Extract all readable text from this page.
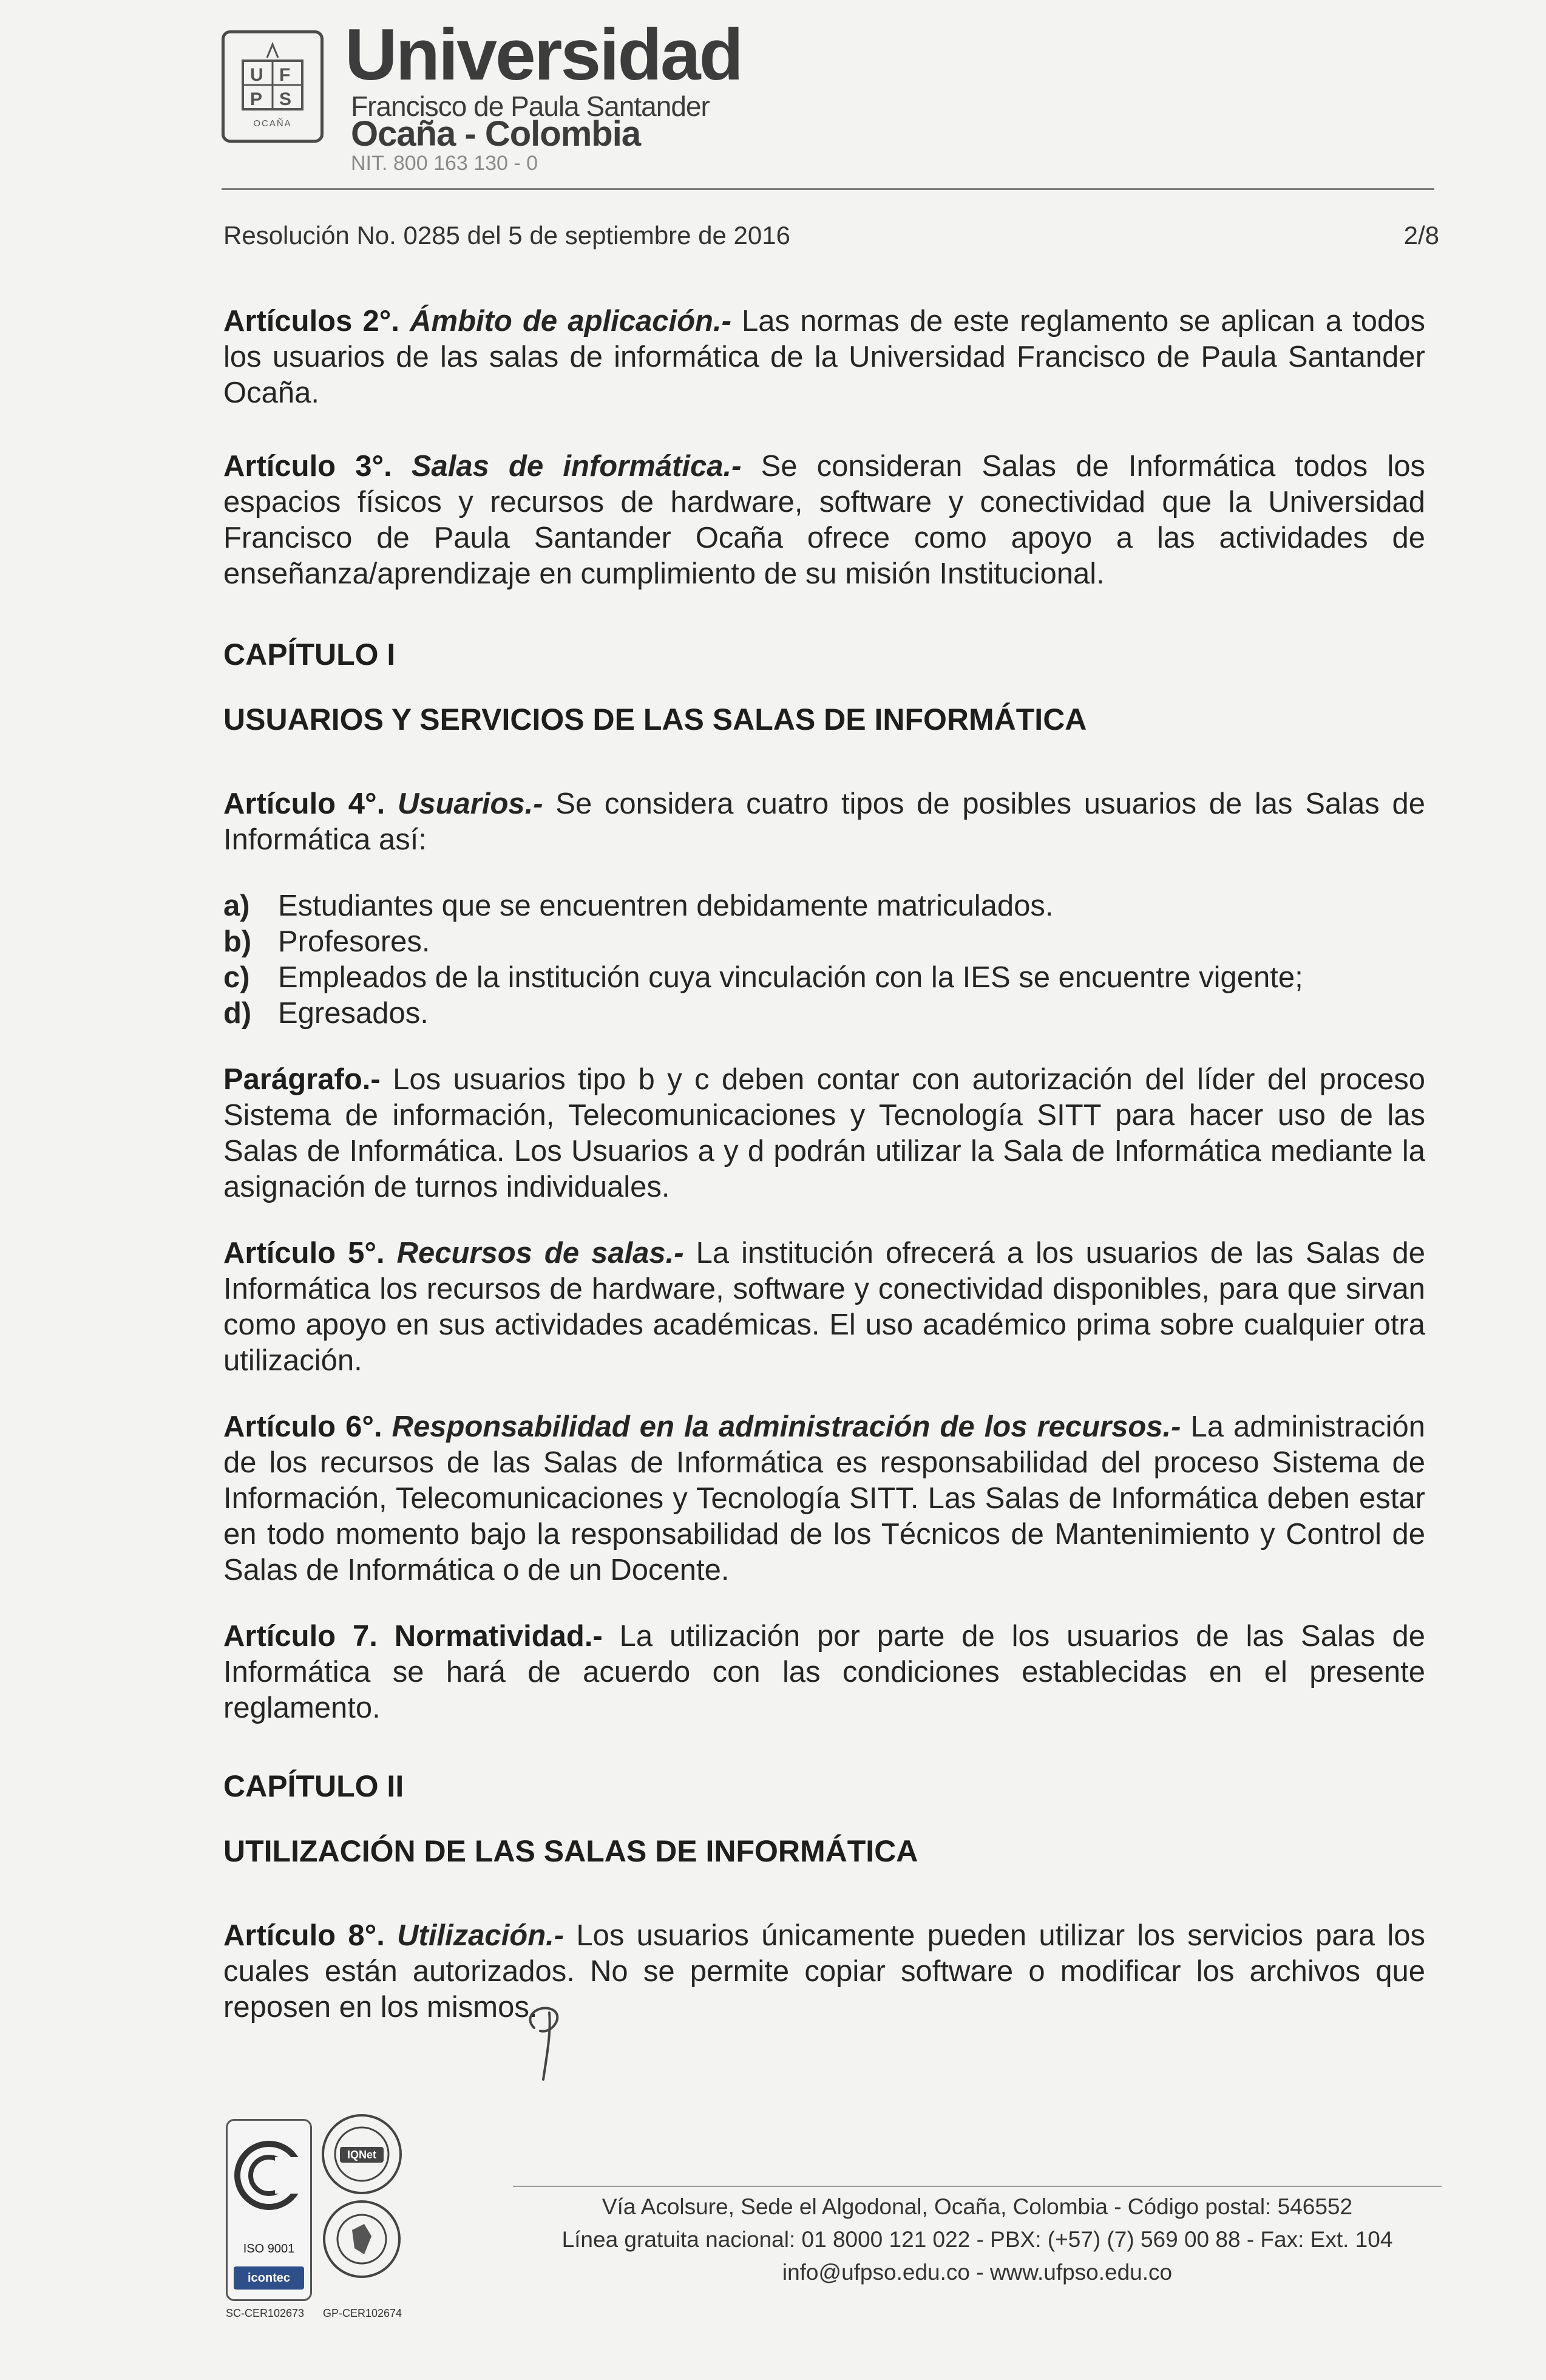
U F
P S
OCAÑA
Universidad
Francisco de Paula Santander
Ocaña - Colombia
NIT. 800 163 130 - 0
Resolución No. 0285 del 5 de septiembre de 2016	2/8

Artículos 2°. Ámbito de aplicación.- Las normas de este reglamento se aplican a todos los usuarios de las salas de informática de la Universidad Francisco de Paula Santander Ocaña.

Artículo 3°. Salas de informática.- Se consideran Salas de Informática todos los espacios físicos y recursos de hardware, software y conectividad que la Universidad Francisco de Paula Santander Ocaña ofrece como apoyo a las actividades de enseñanza/aprendizaje en cumplimiento de su misión Institucional.

CAPÍTULO I

USUARIOS Y SERVICIOS DE LAS SALAS DE INFORMÁTICA

Artículo 4°. Usuarios.- Se considera cuatro tipos de posibles usuarios de las Salas de Informática así:

a) Estudiantes que se encuentren debidamente matriculados.
b) Profesores.
c) Empleados de la institución cuya vinculación con la IES se encuentre vigente;
d) Egresados.

Parágrafo.- Los usuarios tipo b y c deben contar con autorización del líder del proceso Sistema de información, Telecomunicaciones y Tecnología SITT para hacer uso de las Salas de Informática. Los Usuarios a y d podrán utilizar la Sala de Informática mediante la asignación de turnos individuales.

Artículo 5°. Recursos de salas.- La institución ofrecerá a los usuarios de las Salas de Informática los recursos de hardware, software y conectividad disponibles, para que sirvan como apoyo en sus actividades académicas. El uso académico prima sobre cualquier otra utilización.

Artículo 6°. Responsabilidad en la administración de los recursos.- La administración de los recursos de las Salas de Informática es responsabilidad del proceso Sistema de Información, Telecomunicaciones y Tecnología SITT. Las Salas de Informática deben estar en todo momento bajo la responsabilidad de los Técnicos de Mantenimiento y Control de Salas de Informática o de un Docente.

Artículo 7. Normatividad.- La utilización por parte de los usuarios de las Salas de Informática se hará de acuerdo con las condiciones establecidas en el presente reglamento.

CAPÍTULO II

UTILIZACIÓN DE LAS SALAS DE INFORMÁTICA

Artículo 8°. Utilización.- Los usuarios únicamente pueden utilizar los servicios para los cuales están autorizados. No se permite copiar software o modificar los archivos que reposen en los mismos.

ISO 9001
icontec
IQNet
SC-CER102673 GP-CER102674
Vía Acolsure, Sede el Algodonal, Ocaña, Colombia - Código postal: 546552
Línea gratuita nacional: 01 8000 121 022 - PBX: (+57) (7) 569 00 88 - Fax: Ext. 104
info@ufpso.edu.co - www.ufpso.edu.co
